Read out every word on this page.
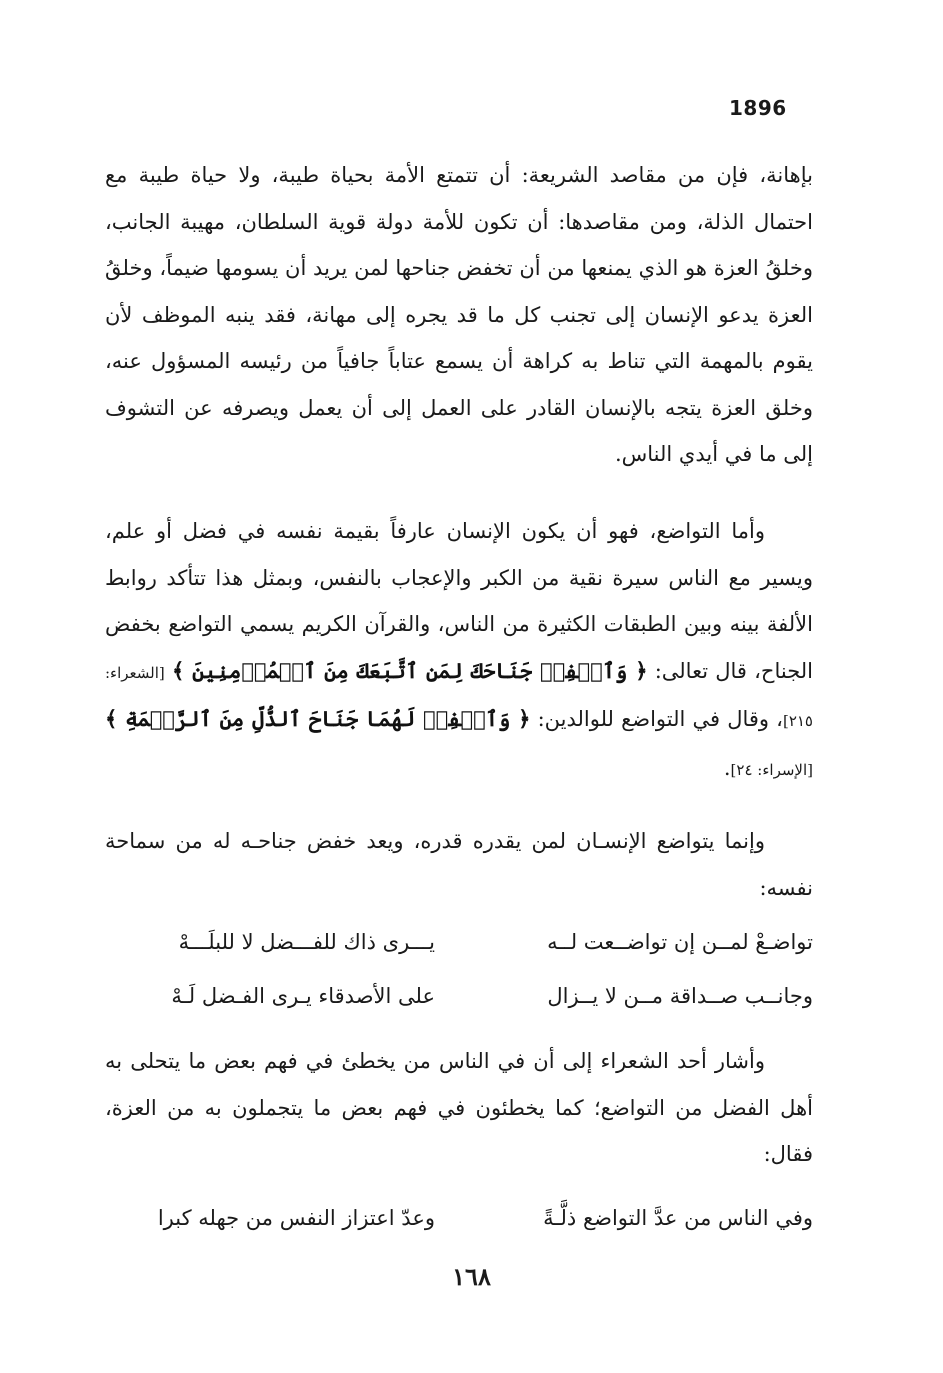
1896
بإهانة، فإن من مقاصد الشريعة: أن تتمتع الأمة بحياة طيبة، ولا حياة طيبة مع احتمال الذلة، ومن مقاصدها: أن تكون للأمة دولة قوية السلطان، مهيبة الجانب، وخلقُ العزة هو الذي يمنعها من أن تخفض جناحها لمن يريد أن يسومها ضيماً، وخلقُ العزة يدعو الإنسان إلى تجنب كل ما قد يجره إلى مهانة، فقد ينبه الموظف لأن يقوم بالمهمة التي تناط به كراهة أن يسمع عتاباً جافياً من رئيسه المسؤول عنه، وخلق العزة يتجه بالإنسان القادر على العمل إلى أن يعمل ويصرفه عن التشوف إلى ما في أيدي الناس.
وأما التواضع، فهو أن يكون الإنسان عارفاً بقيمة نفسه في فضل أو علم، ويسير مع الناس سيرة نقية من الكبر والإعجاب بالنفس، وبمثل هذا تتأكد روابط الألفة بينه وبين الطبقات الكثيرة من الناس، والقرآن الكريم يسمي التواضع بخفض الجناح، قال تعالى: ﴿ وَٱخۡفِضۡ جَنَاحَكَ لِمَنِ ٱتَّبَعَكَ مِنَ ٱلۡمُؤۡمِنِينَ ﴾ [الشعراء: ٢١٥]، وقال في التواضع للوالدين: ﴿ وَٱخۡفِضۡ لَهُمَا جَنَاحَ ٱلذُّلِّ مِنَ ٱلرَّحۡمَةِ ﴾ [الإسراء: ٢٤].
وإنما يتواضع الإنسـان لمن يقدره قدره، ويعد خفض جناحـه له من سماحة نفسه:
تواضـعْ لمــن إن تواضــعت لــه
يـــرى ذاك للفـــضل لا للبلَـــهْ
وجانــب صــداقة مــن لا يــزال
على الأصدقاء يـرى الفـضل لَـهْ
وأشار أحد الشعراء إلى أن في الناس من يخطئ في فهم بعض ما يتحلى به أهل الفضل من التواضع؛ كما يخطئون في فهم بعض ما يتجملون به من العزة، فقال:
وفي الناس من عدَّ التواضع ذلَّـةً
وعدّ اعتزاز النفس من جهله كبرا
١٦٨
